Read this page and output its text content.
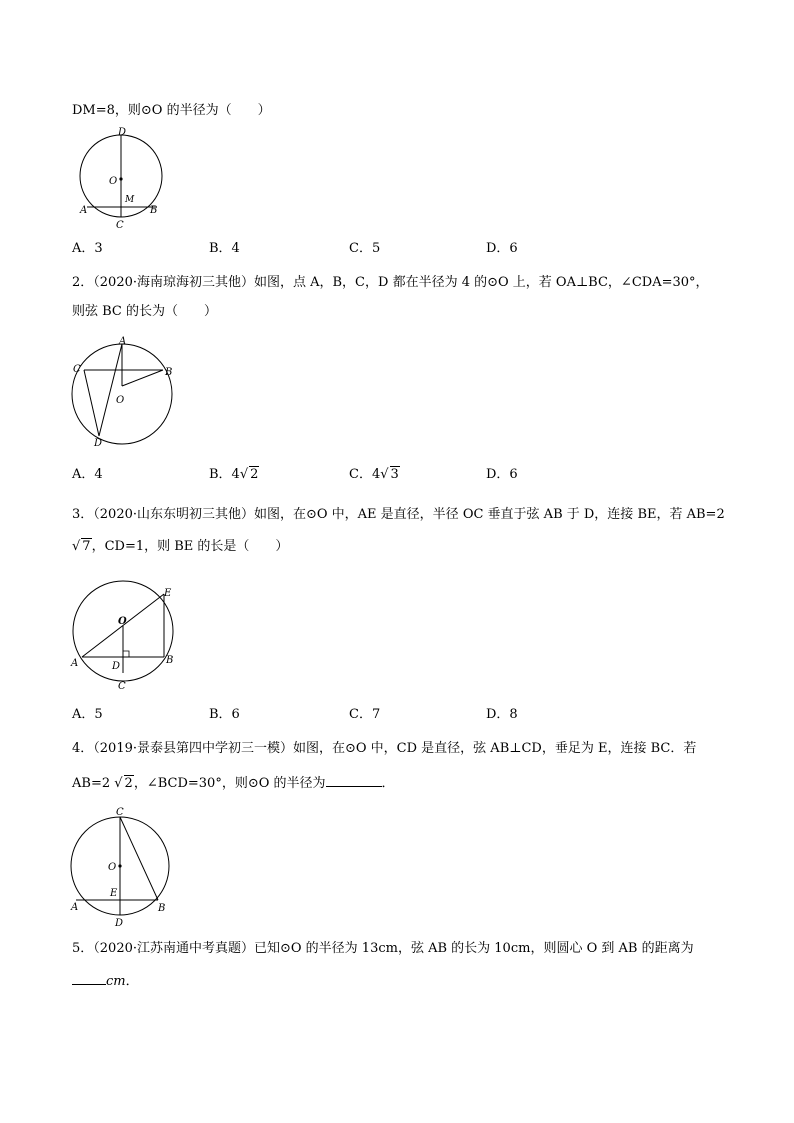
DM=8，则⊙O 的半径为（　　）
D
O
M
A	B
C
A．3	B．4	C．5	D．6
2．（2020·海南琼海初三其他）如图，点 A，B，C，D 都在半径为 4 的⊙O 上，若 OA⊥BC，∠CDA=30°，
则弦 BC 的长为（　　）
A
B
C
D
O
A．4	B．4√ 2	C．4√ 3	D．6
3．（2020·山东东明初三其他）如图，在⊙O 中，AE 是直径，半径 OC 垂直于弦 AB 于 D，连接 BE，若 AB=2
√ 7，CD=1，则 BE 的长是（　　）
O
E
A	D
B
C
A．5	B．6	C．7	D．8
4．（2019·景泰县第四中学初三一模）如图，在⊙O 中，CD 是直径，弦 AB⊥CD，垂足为 E，连接 BC．若
AB=2 √ 2，∠BCD=30°，则⊙O 的半径为	．
C
O
E
A	B
D
5．（2020·江苏南通中考真题）已知⊙O 的半径为 13cm，弦 AB 的长为 10cm，则圆心 O 到 AB 的距离为
cm．
